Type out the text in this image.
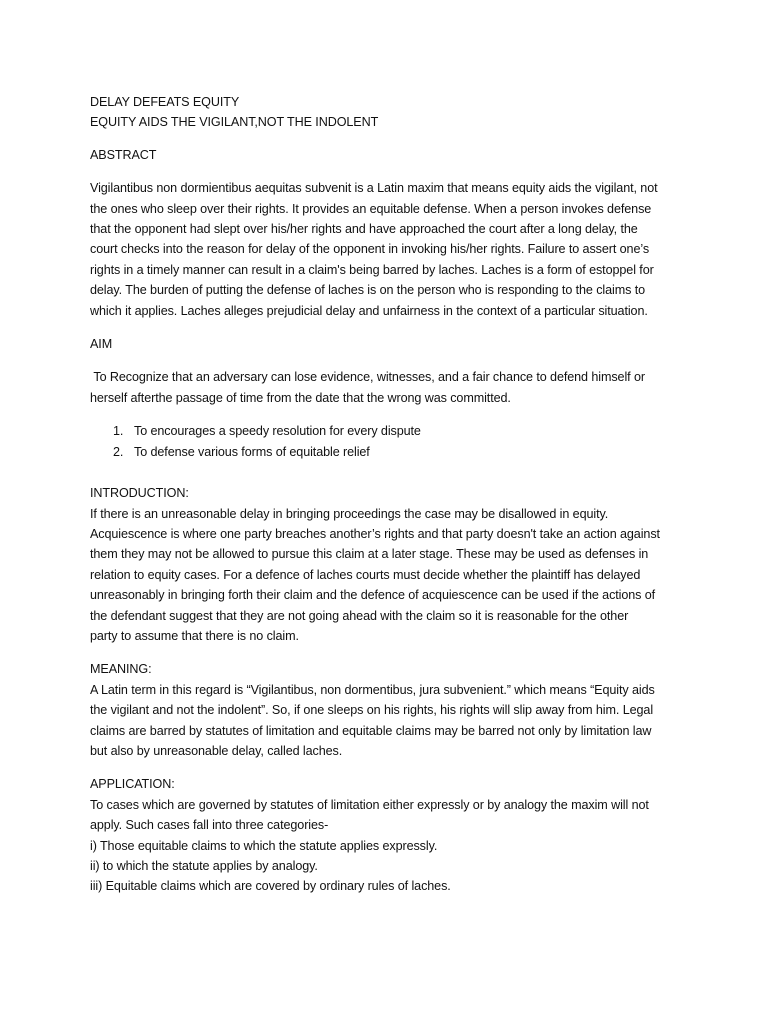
DELAY DEFEATS EQUITY

EQUITY AIDS THE VIGILANT,NOT THE INDOLENT

ABSTRACT

Vigilantibus non dormientibus aequitas subvenit is a Latin maxim that means equity aids the vigilant, not

the ones who sleep over their rights. It provides an equitable defense. When a person invokes defense

that the opponent had slept over his/her rights and have approached the court after a long delay, the

court checks into the reason for delay of the opponent in invoking his/her rights. Failure to assert one’s

rights in a timely manner can result in a claim's being barred by laches. Laches is a form of estoppel for

delay. The burden of putting the defense of laches is on the person who is responding to the claims to

which it applies. Laches alleges prejudicial delay and unfairness in the context of a particular situation.

AIM

To Recognize that an adversary can lose evidence, witnesses, and a fair chance to defend himself or

herself afterthe passage of time from the date that the wrong was committed.

1. To encourages a speedy resolution for every dispute
2. To defense various forms of equitable relief

INTRODUCTION:

If there is an unreasonable delay in bringing proceedings the case may be disallowed in equity.

Acquiescence is where one party breaches another’s rights and that party doesn't take an action against

them they may not be allowed to pursue this claim at a later stage. These may be used as defenses in

relation to equity cases. For a defence of laches courts must decide whether the plaintiff has delayed

unreasonably in bringing forth their claim and the defence of acquiescence can be used if the actions of

the defendant suggest that they are not going ahead with the claim so it is reasonable for the other

party to assume that there is no claim.

MEANING:

A Latin term in this regard is “Vigilantibus, non dormentibus, jura subvenient.” which means “Equity aids

the vigilant and not the indolent”. So, if one sleeps on his rights, his rights will slip away from him. Legal

claims are barred by statutes of limitation and equitable claims may be barred not only by limitation law

but also by unreasonable delay, called laches.

APPLICATION:

To cases which are governed by statutes of limitation either expressly or by analogy the maxim will not

apply. Such cases fall into three categories-

i) Those equitable claims to which the statute applies expressly.

ii) to which the statute applies by analogy.

iii) Equitable claims which are covered by ordinary rules of laches.
